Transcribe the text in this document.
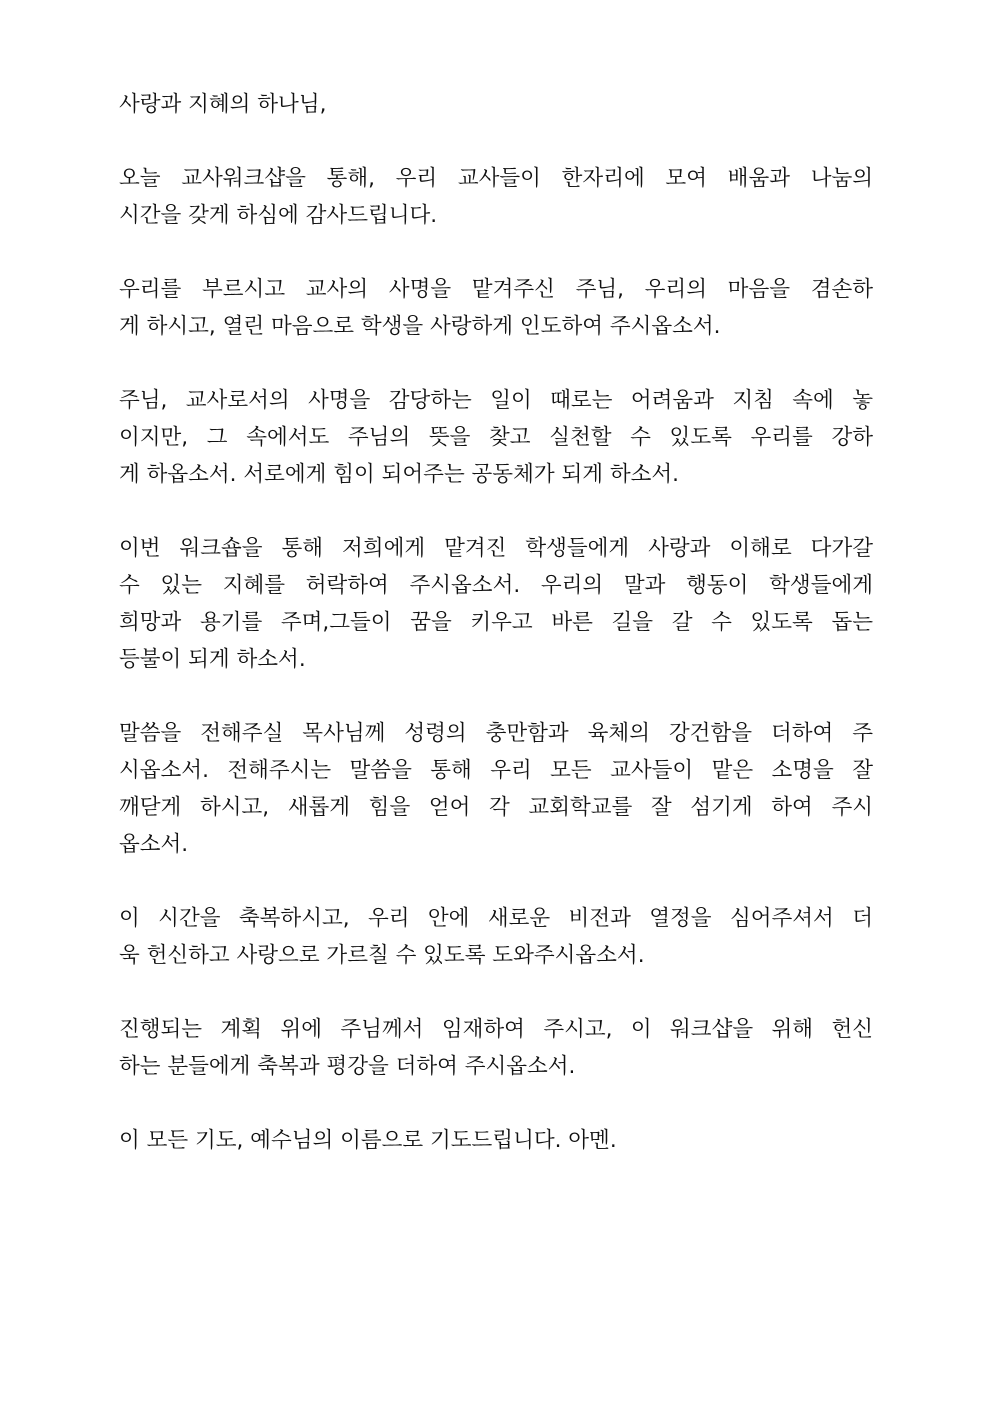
사랑과 지혜의 하나님,

오늘 교사워크샵을 통해, 우리 교사들이 한자리에 모여 배움과 나눔의
시간을 갖게 하심에 감사드립니다.

우리를 부르시고 교사의 사명을 맡겨주신 주님, 우리의 마음을 겸손하
게 하시고, 열린 마음으로 학생을 사랑하게 인도하여 주시옵소서.

주님, 교사로서의 사명을 감당하는 일이 때로는 어려움과 지침 속에 놓
이지만, 그 속에서도 주님의 뜻을 찾고 실천할 수 있도록 우리를 강하
게 하옵소서. 서로에게 힘이 되어주는 공동체가 되게 하소서.

이번 워크숍을 통해 저희에게 맡겨진 학생들에게 사랑과 이해로 다가갈
수 있는 지혜를 허락하여 주시옵소서. 우리의 말과 행동이 학생들에게
희망과 용기를 주며,그들이 꿈을 키우고 바른 길을 갈 수 있도록 돕는
등불이 되게 하소서.

말씀을 전해주실 목사님께 성령의 충만함과 육체의 강건함을 더하여 주
시옵소서. 전해주시는 말씀을 통해 우리 모든 교사들이 맡은 소명을 잘
깨닫게 하시고, 새롭게 힘을 얻어 각 교회학교를 잘 섬기게 하여 주시
옵소서.

이 시간을 축복하시고, 우리 안에 새로운 비전과 열정을 심어주셔서 더
욱 헌신하고 사랑으로 가르칠 수 있도록 도와주시옵소서.

진행되는 계획 위에 주님께서 임재하여 주시고, 이 워크샵을 위해 헌신
하는 분들에게 축복과 평강을 더하여 주시옵소서.

이 모든 기도, 예수님의 이름으로 기도드립니다. 아멘.
